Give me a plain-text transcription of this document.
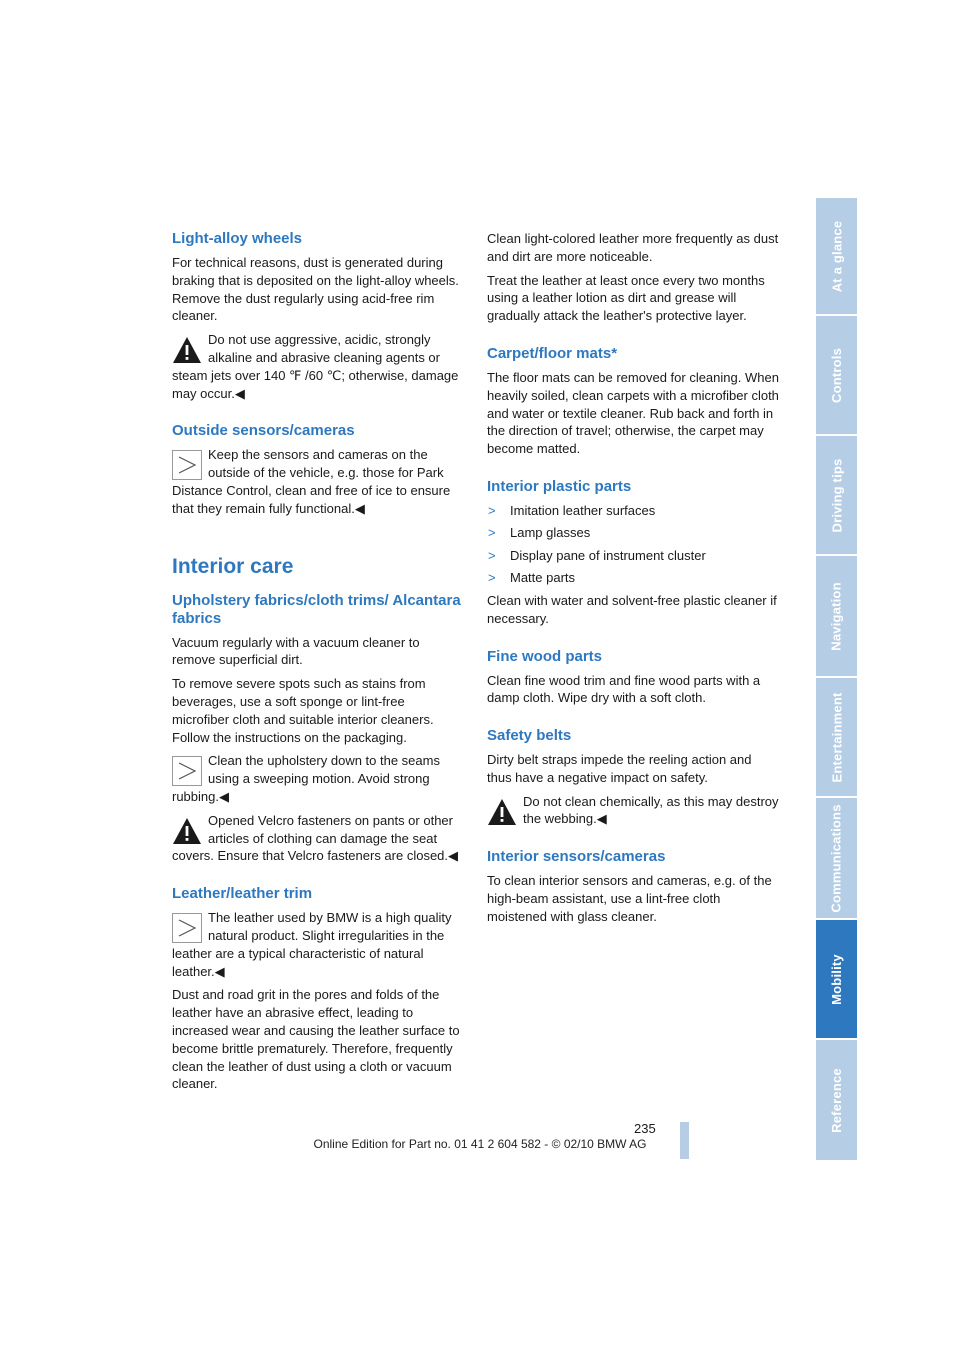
At a glance
Controls
Driving tips
Navigation
Entertainment
Communications
Mobility
Reference
Light-alloy wheels
For technical reasons, dust is generated during braking that is deposited on the light-alloy wheels. Remove the dust regularly using acid-free rim cleaner.
Do not use aggressive, acidic, strongly alkaline and abrasive cleaning agents or steam jets over 140 ℉ /60 ℃; otherwise, damage may occur.◀
Outside sensors/cameras
Keep the sensors and cameras on the outside of the vehicle, e.g. those for Park Distance Control, clean and free of ice to ensure that they remain fully functional.◀
Interior care
Upholstery fabrics/cloth trims/ Alcantara fabrics
Vacuum regularly with a vacuum cleaner to remove superficial dirt.
To remove severe spots such as stains from beverages, use a soft sponge or lint-free microfiber cloth and suitable interior cleaners. Follow the instructions on the packaging.
Clean the upholstery down to the seams using a sweeping motion. Avoid strong rubbing.◀
Opened Velcro fasteners on pants or other articles of clothing can damage the seat covers. Ensure that Velcro fasteners are closed.◀
Leather/leather trim
The leather used by BMW is a high quality natural product. Slight irregularities in the leather are a typical characteristic of natural leather.◀
Dust and road grit in the pores and folds of the leather have an abrasive effect, leading to increased wear and causing the leather surface to become brittle prematurely. Therefore, frequently clean the leather of dust using a cloth or vacuum cleaner.
Clean light-colored leather more frequently as dust and dirt are more noticeable.
Treat the leather at least once every two months using a leather lotion as dirt and grease will gradually attack the leather's protective layer.
Carpet/floor mats*
The floor mats can be removed for cleaning. When heavily soiled, clean carpets with a microfiber cloth and water or textile cleaner. Rub back and forth in the direction of travel; otherwise, the carpet may become matted.
Interior plastic parts
> Imitation leather surfaces
> Lamp glasses
> Display pane of instrument cluster
> Matte parts
Clean with water and solvent-free plastic cleaner if necessary.
Fine wood parts
Clean fine wood trim and fine wood parts with a damp cloth. Wipe dry with a soft cloth.
Safety belts
Dirty belt straps impede the reeling action and thus have a negative impact on safety.
Do not clean chemically, as this may destroy the webbing.◀
Interior sensors/cameras
To clean interior sensors and cameras, e.g. of the high-beam assistant, use a lint-free cloth moistened with glass cleaner.
235
Online Edition for Part no. 01 41 2 604 582 - © 02/10 BMW AG
